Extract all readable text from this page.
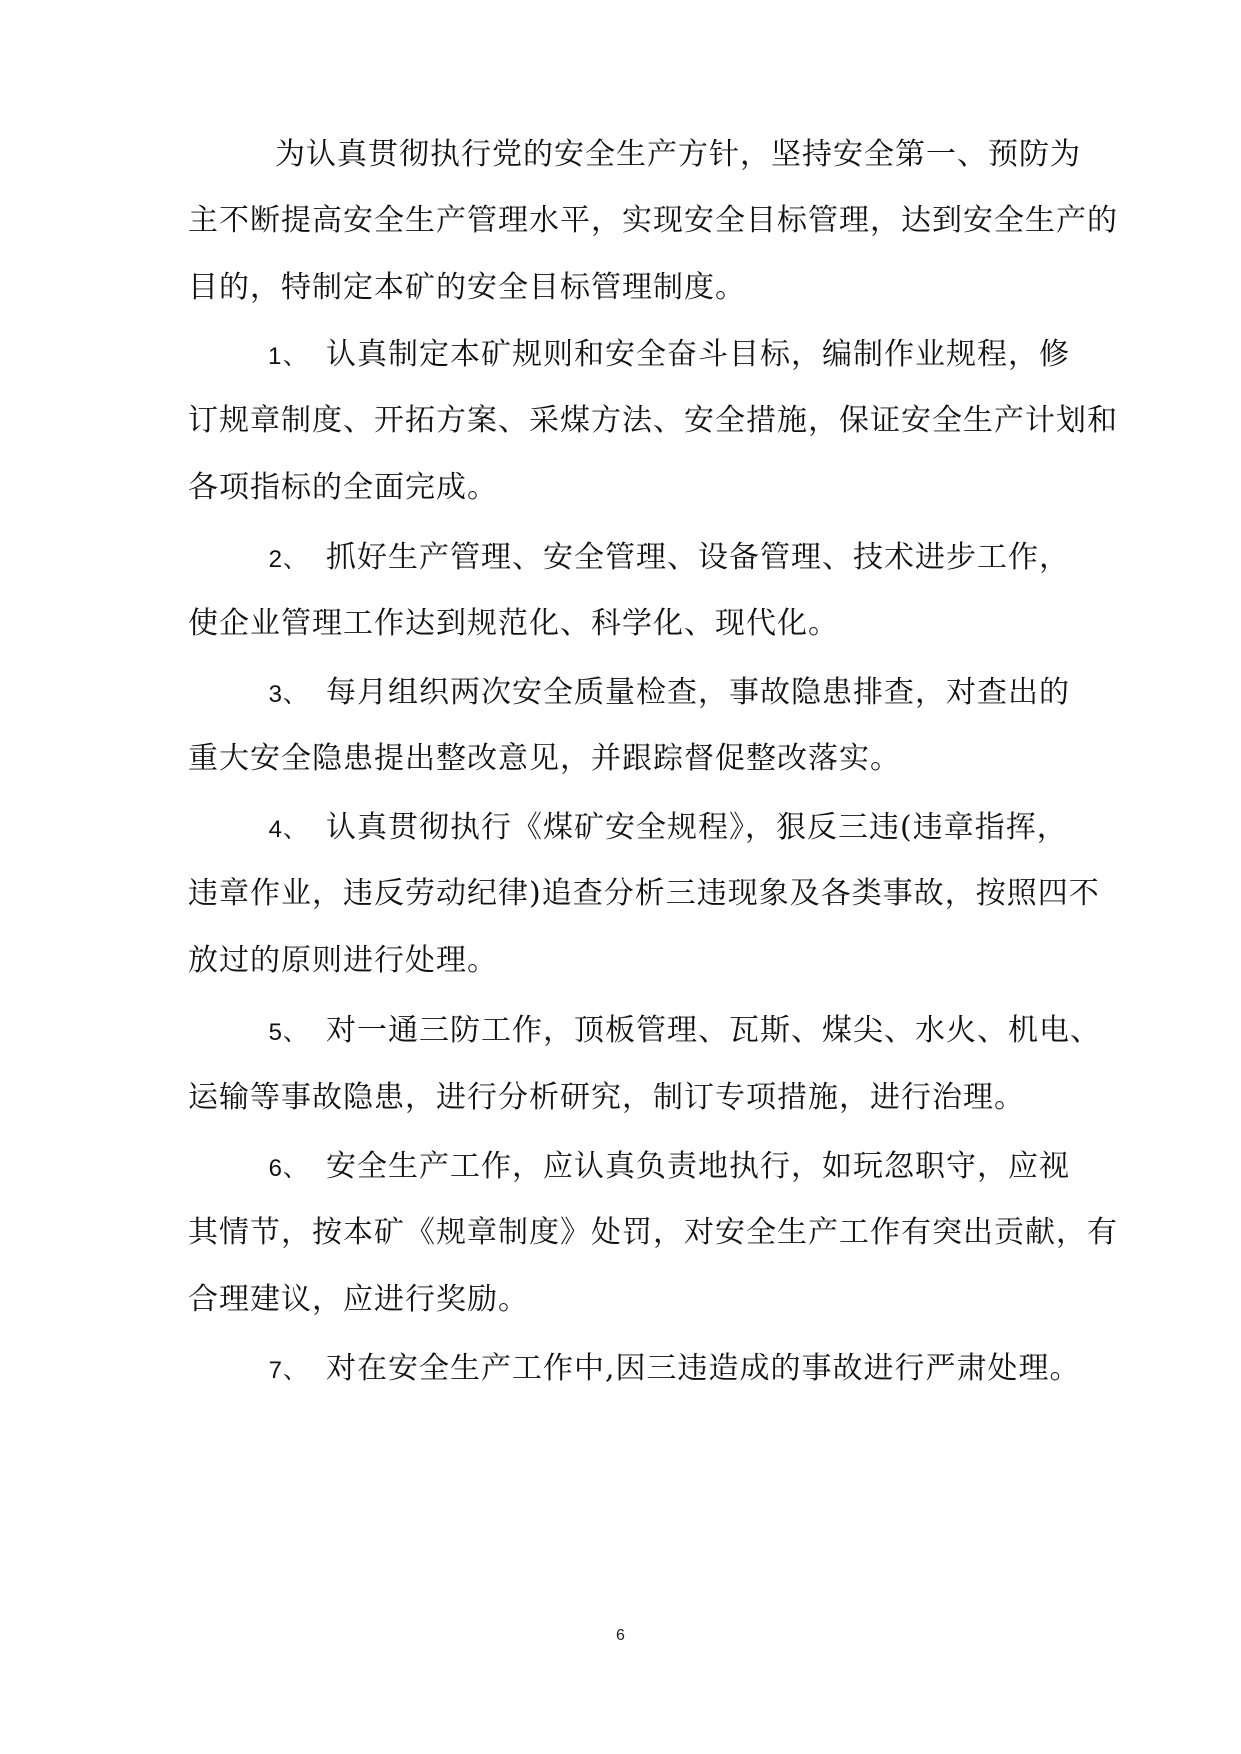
为认真贯彻执行党的安全生产方针，坚持安全第一、预防为
主不断提高安全生产管理水平，实现安全目标管理，达到安全生产的
目的，特制定本矿的安全目标管理制度。
1、 认真制定本矿规则和安全奋斗目标，编制作业规程，修
订规章制度、开拓方案、采煤方法、安全措施，保证安全生产计划和
各项指标的全面完成。
2、 抓好生产管理、安全管理、设备管理、技术进步工作，
使企业管理工作达到规范化、科学化、现代化。
3、 每月组织两次安全质量检查，事故隐患排查，对查出的
重大安全隐患提出整改意见，并跟踪督促整改落实。
4、 认真贯彻执行《煤矿安全规程》，狠反三违(违章指挥，
违章作业，违反劳动纪律)追查分析三违现象及各类事故，按照四不
放过的原则进行处理。
5、 对一通三防工作，顶板管理、瓦斯、煤尖、水火、机电、
运输等事故隐患，进行分析研究，制订专项措施，进行治理。
6、 安全生产工作，应认真负责地执行，如玩忽职守，应视
其情节，按本矿《规章制度》处罚，对安全生产工作有突出贡献，有
合理建议，应进行奖励。
7、 对在安全生产工作中,因三违造成的事故进行严肃处理。
6
